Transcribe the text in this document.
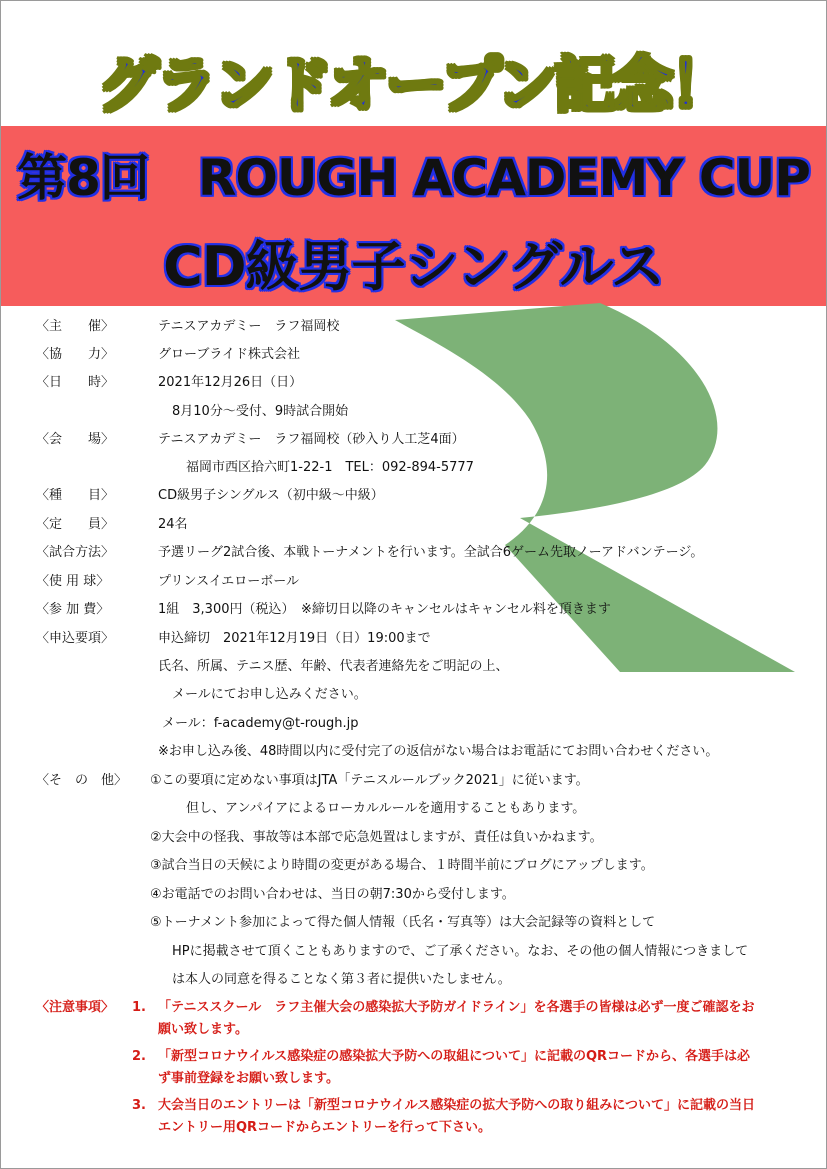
グランドオープン記念！
第8回　ROUGH ACADEMY CUP
CD級男子シングルス
〈主　　催〉	テニスアカデミー　ラフ福岡校
〈協　　力〉	グローブライド株式会社
〈日　　時〉	2021年12月26日（日）
8月10分～受付、9時試合開始
〈会　　場〉	テニスアカデミー　ラフ福岡校（砂入り人工芝4面）
福岡市西区拾六町1-22-1　TEL：092-894-5777
〈種　　目〉	CD級男子シングルス（初中級～中級）
〈定　　員〉	24名
〈試合方法〉	予選リーグ2試合後、本戦トーナメントを行います。全試合6ゲーム先取ノーアドバンテージ。
〈使 用 球〉	プリンスイエローボール
〈参 加 費〉	1組　3,300円（税込）　※締切日以降のキャンセルはキャンセル料を頂きます
〈申込要項〉	申込締切　2021年12月19日（日）19:00まで
氏名、所属、テニス歴、年齢、代表者連絡先をご明記の上、
メールにてお申し込みください。
メール：f-academy@t-rough.jp
※お申し込み後、48時間以内に受付完了の返信がない場合はお電話にてお問い合わせください。
〈そ　の　他〉 ①この要項に定めない事項はJTA「テニスルールブック2021」に従います。
但し、アンパイアによるローカルルールを適用することもあります。
②大会中の怪我、事故等は本部で応急処置はしますが、責任は負いかねます。
③試合当日の天候により時間の変更がある場合、１時間半前にブログにアップします。
④お電話でのお問い合わせは、当日の朝7:30から受付します。
⑤トーナメント参加によって得た個人情報（氏名・写真等）は大会記録等の資料として
HPに掲載させて頂くこともありますので、ご了承ください。なお、その他の個人情報につきまして
は本人の同意を得ることなく第３者に提供いたしません。
〈注意事項〉 1. 「テニススクール　ラフ主催大会の感染拡大予防ガイドライン」を各選手の皆様は必ず一度ご確認をお
願い致します。
2. 「新型コロナウイルス感染症の感染拡大予防への取組について」に記載のQRコードから、各選手は必
ず事前登録をお願い致します。
3. 大会当日のエントリーは「新型コロナウイルス感染症の拡大予防への取り組みについて」に記載の当日
エントリー用QRコードからエントリーを行って下さい。
